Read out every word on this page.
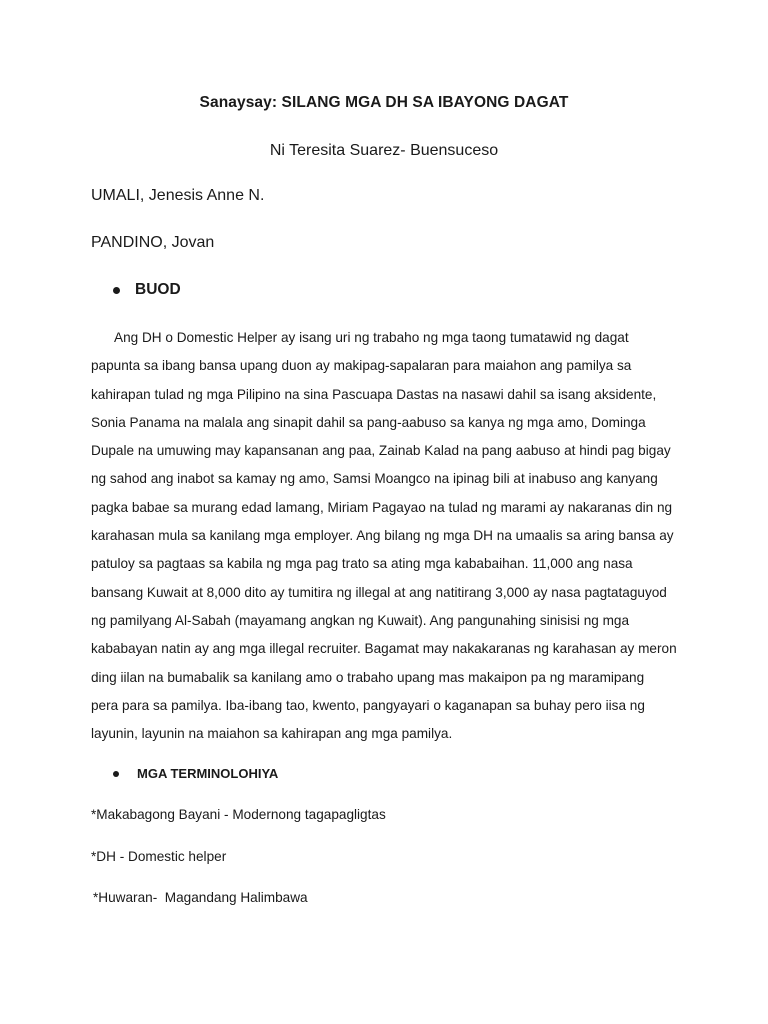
Sanaysay: SILANG MGA DH SA IBAYONG DAGAT
Ni Teresita Suarez- Buensuceso
UMALI, Jenesis Anne N.
PANDINO, Jovan
BUOD
Ang DH o Domestic Helper ay isang uri ng trabaho ng mga taong tumatawid ng dagat
papunta sa ibang bansa upang duon ay makipag-sapalaran para maiahon ang pamilya sa
kahirapan tulad ng mga Pilipino na sina Pascuapa Dastas na nasawi dahil sa isang aksidente,
Sonia Panama na malala ang sinapit dahil sa pang-aabuso sa kanya ng mga amo, Dominga
Dupale na umuwing may kapansanan ang paa, Zainab Kalad na pang aabuso at hindi pag bigay
ng sahod ang inabot sa kamay ng amo, Samsi Moangco na ipinag bili at inabuso ang kanyang
pagka babae sa murang edad lamang, Miriam Pagayao na tulad ng marami ay nakaranas din ng
karahasan mula sa kanilang mga employer. Ang bilang ng mga DH na umaalis sa aring bansa ay
patuloy sa pagtaas sa kabila ng mga pag trato sa ating mga kababaihan. 11,000 ang nasa
bansang Kuwait at 8,000 dito ay tumitira ng illegal at ang natitirang 3,000 ay nasa pagtataguyod
ng pamilyang Al-Sabah (mayamang angkan ng Kuwait). Ang pangunahing sinisisi ng mga
kababayan natin ay ang mga illegal recruiter. Bagamat may nakakaranas ng karahasan ay meron
ding iilan na bumabalik sa kanilang amo o trabaho upang mas makaipon pa ng maramipang
pera para sa pamilya. Iba-ibang tao, kwento, pangyayari o kaganapan sa buhay pero iisa ng
layunin, layunin na maiahon sa kahirapan ang mga pamilya.
MGA TERMINOLOHIYA
*Makabagong Bayani - Modernong tagapagligtas
*DH - Domestic helper
*Huwaran-  Magandang Halimbawa
